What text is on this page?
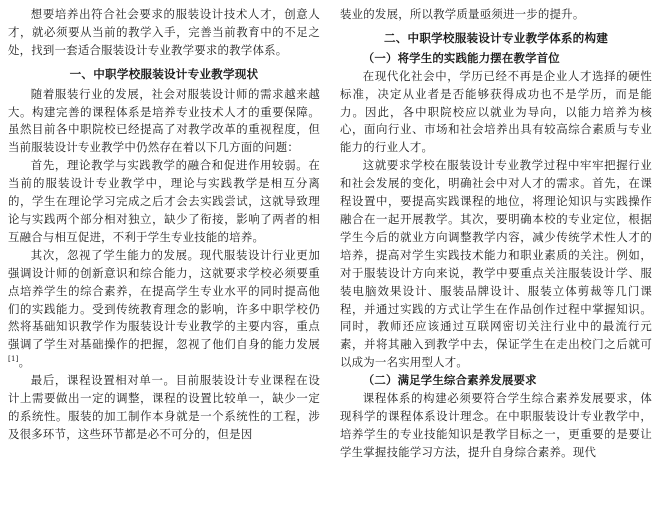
想要培养出符合社会要求的服装设计技术人才，创意人才，就必须要从当前的教学入手，完善当前教育中的不足之处，找到一套适合服装设计专业教学要求的教学体系。

一、中职学校服装设计专业教学现状

随着服装行业的发展，社会对服装设计师的需求越来越大。构建完善的课程体系是培养专业技术人才的重要保障。虽然目前各中职院校已经提高了对教学改革的重视程度，但当前服装设计专业教学中仍然存在着以下几方面的问题：

首先，理论教学与实践教学的融合和促进作用较弱。在当前的服装设计专业教学中，理论与实践教学是相互分离的，学生在理论学习完成之后才会去实践尝试，这就导致理论与实践两个部分相对独立，缺少了衔接，影响了两者的相互融合与相互促进，不利于学生专业技能的培养。

其次，忽视了学生能力的发展。现代服装设计行业更加强调设计师的创新意识和综合能力，这就要求学校必须要重点培养学生的综合素养，在提高学生专业水平的同时提高他们的实践能力。受到传统教育理念的影响，许多中职学校仍然将基础知识教学作为服装设计专业教学的主要内容，重点强调了学生对基础操作的把握，忽视了他们自身的能力发展[1]。

最后，课程设置相对单一。目前服装设计专业课程在设计上需要做出一定的调整，课程的设置比较单一，缺少一定的系统性。服装的加工制作本身就是一个系统性的工程，涉及很多环节，这些环节都是必不可分的，但是因

装业的发展，所以教学质量亟须进一步的提升。

二、中职学校服装设计专业教学体系的构建
（一）将学生的实践能力摆在教学首位

在现代化社会中，学历已经不再是企业人才选择的硬性标准，决定从业者是否能够获得成功也不是学历，而是能力。因此，各中职院校应以就业为导向，以能力培养为核心，面向行业、市场和社会培养出具有较高综合素质与专业能力的行业人才。

这就要求学校在服装设计专业教学过程中牢牢把握行业和社会发展的变化，明确社会中对人才的需求。首先，在课程设置中，要提高实践课程的地位，将理论知识与实践操作融合在一起开展教学。其次，要明确本校的专业定位，根据学生今后的就业方向调整教学内容，减少传统学术性人才的培养，提高对学生实践技术能力和职业素质的关注。例如，对于服装设计方向来说，教学中要重点关注服装设计学、服装电脑效果设计、服装品牌设计、服装立体剪裁等几门课程，并通过实践的方式让学生在作品创作过程中掌握知识。同时，教师还应该通过互联网密切关注行业中的最流行元素，并将其融入到教学中去，保证学生在走出校门之后就可以成为一名实用型人才。

（二）满足学生综合素养发展要求

课程体系的构建必须要符合学生综合素养发展要求，体现科学的课程体系设计理念。在中职服装设计专业教学中，培养学生的专业技能知识是教学目标之一，更重要的是要让学生掌握技能学习方法，提升自身综合素养。现代
